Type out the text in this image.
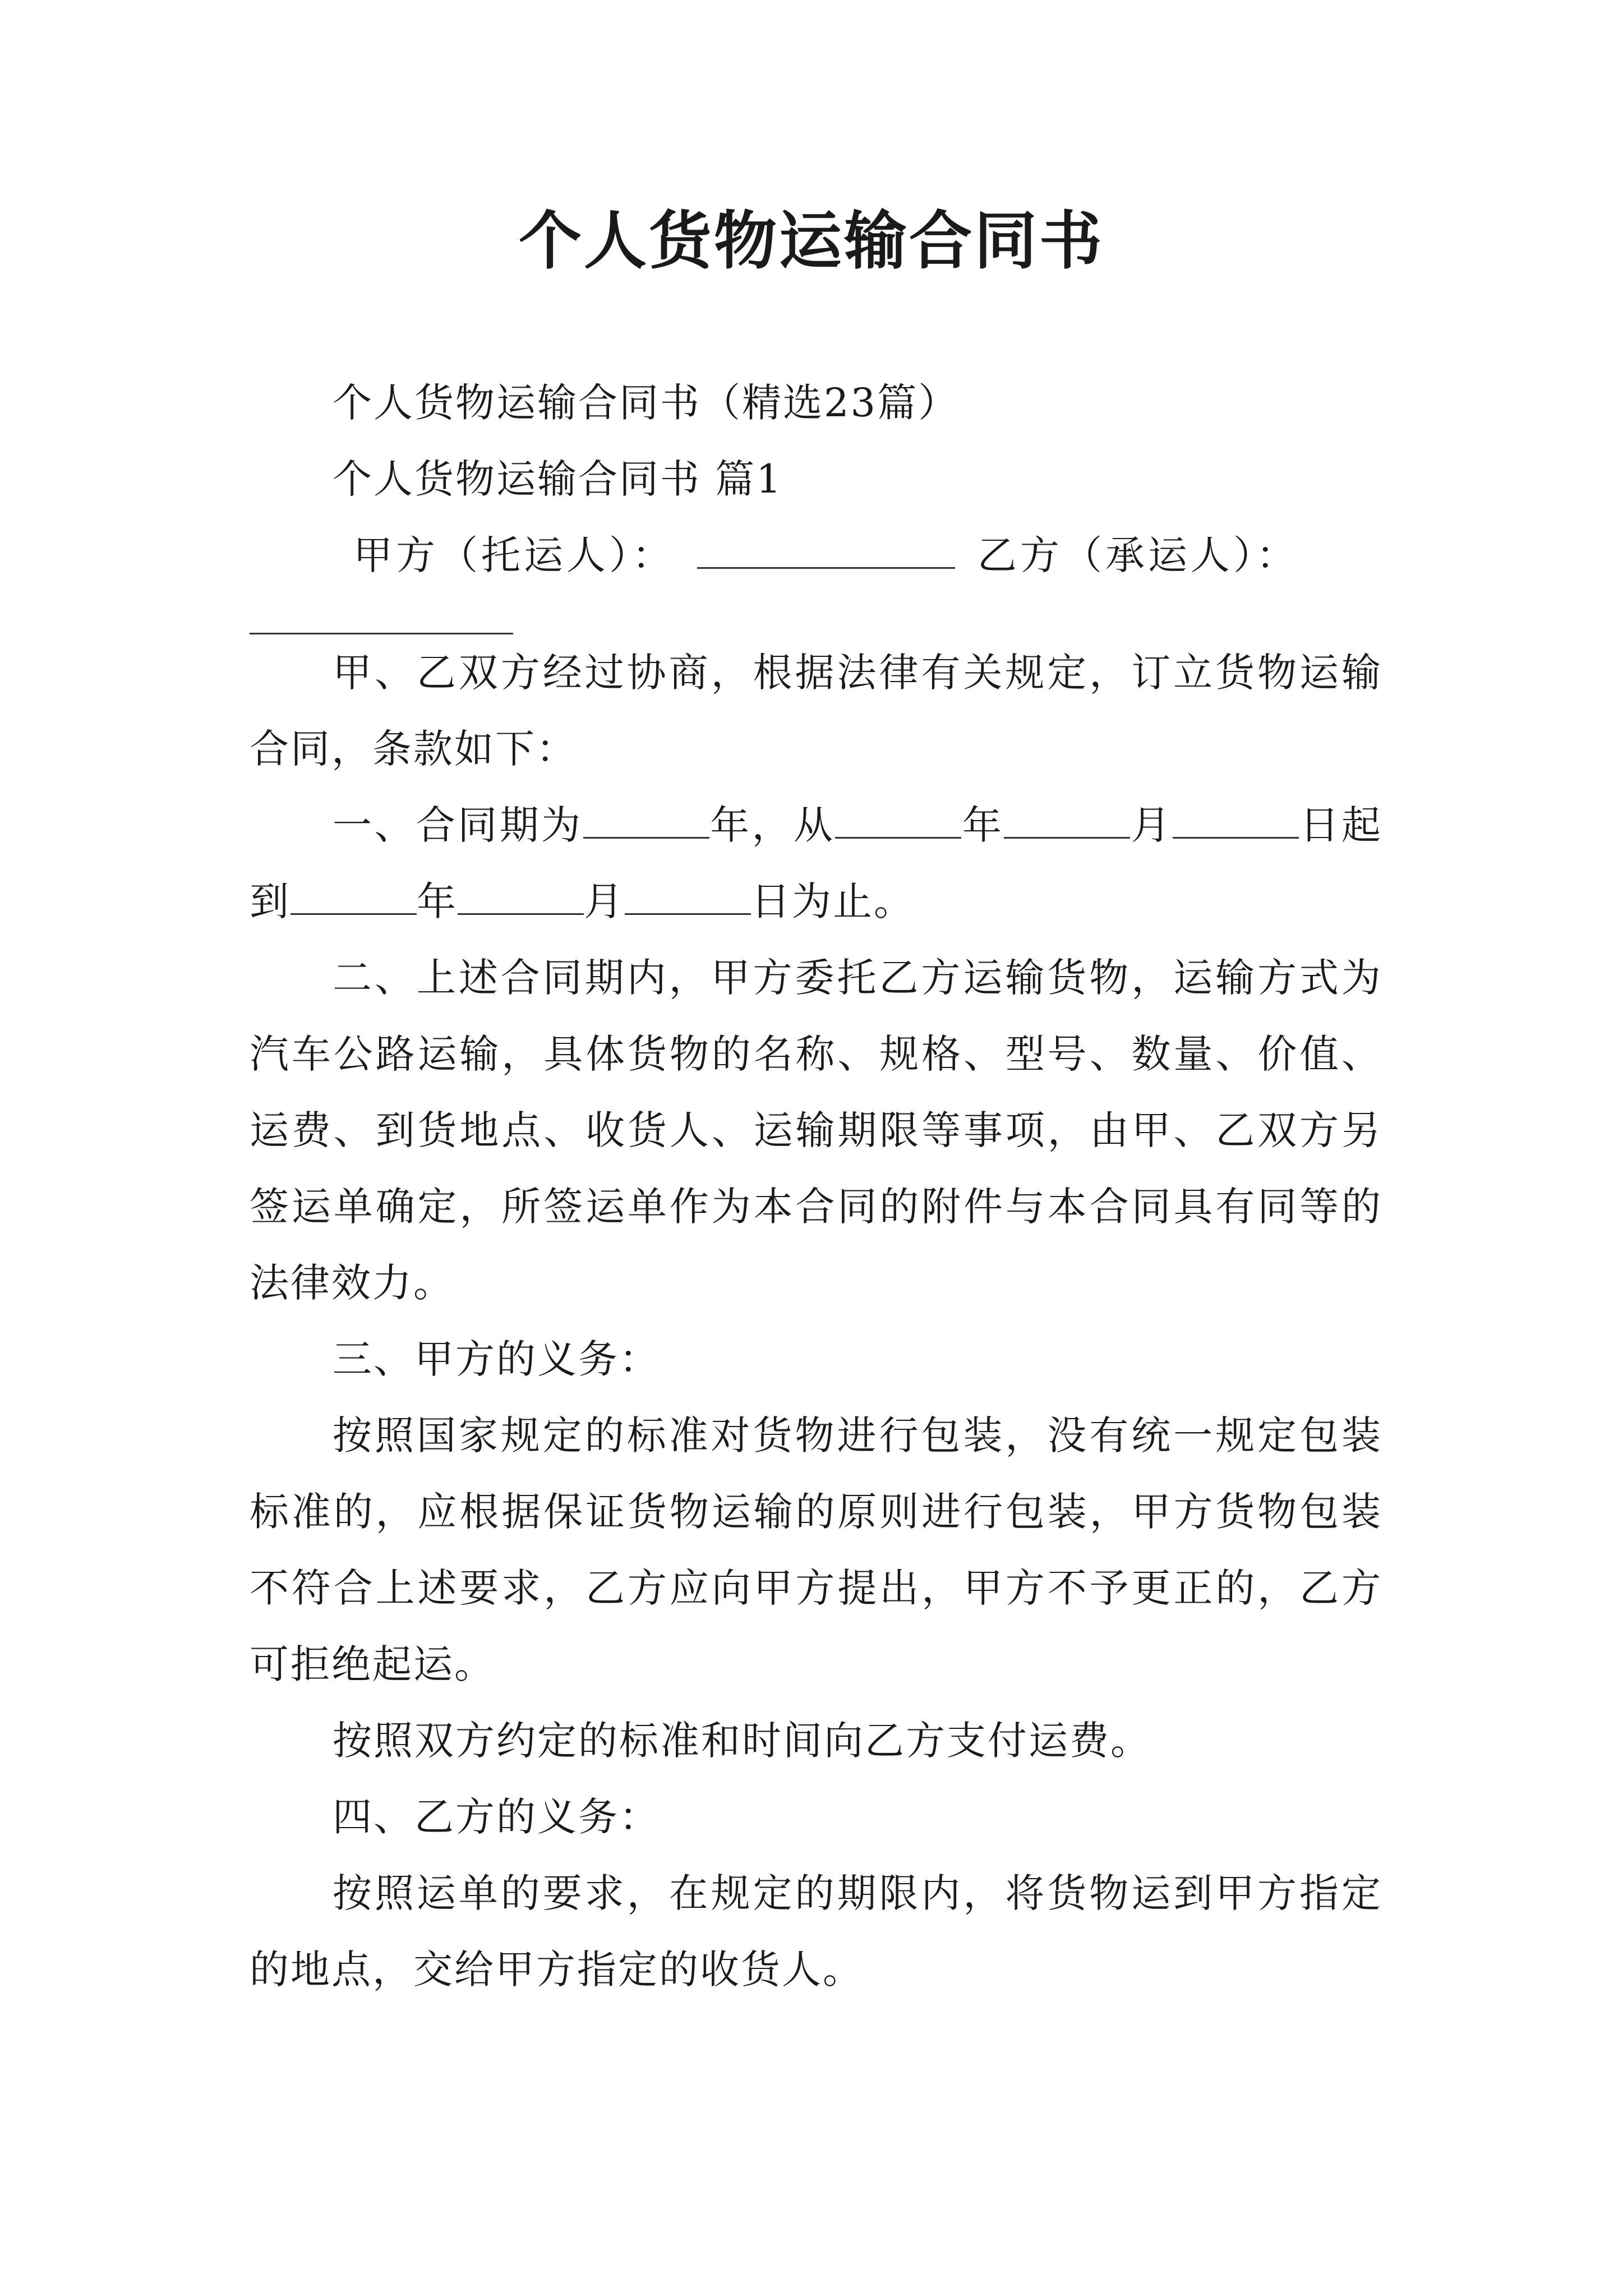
个人货物运输合同书

个人货物运输合同书（精选23篇）

个人货物运输合同书 篇1

甲方（托运人）：	乙方（承运人）：

甲、乙双方经过协商，根据法律有关规定，订立货物运输合同，条款如下：

一、合同期为	年，从	年	月	日起到	年	月	日为止。

二、上述合同期内，甲方委托乙方运输货物，运输方式为汽车公路运输，具体货物的名称、规格、型号、数量、价值、运费、到货地点、收货人、运输期限等事项，由甲、乙双方另签运单确定，所签运单作为本合同的附件与本合同具有同等的法律效力。

三、甲方的义务：

按照国家规定的标准对货物进行包装，没有统一规定包装标准的，应根据保证货物运输的原则进行包装，甲方货物包装不符合上述要求，乙方应向甲方提出，甲方不予更正的，乙方可拒绝起运。

按照双方约定的标准和时间向乙方支付运费。

四、乙方的义务：

按照运单的要求，在规定的期限内，将货物运到甲方指定的地点，交给甲方指定的收货人。
